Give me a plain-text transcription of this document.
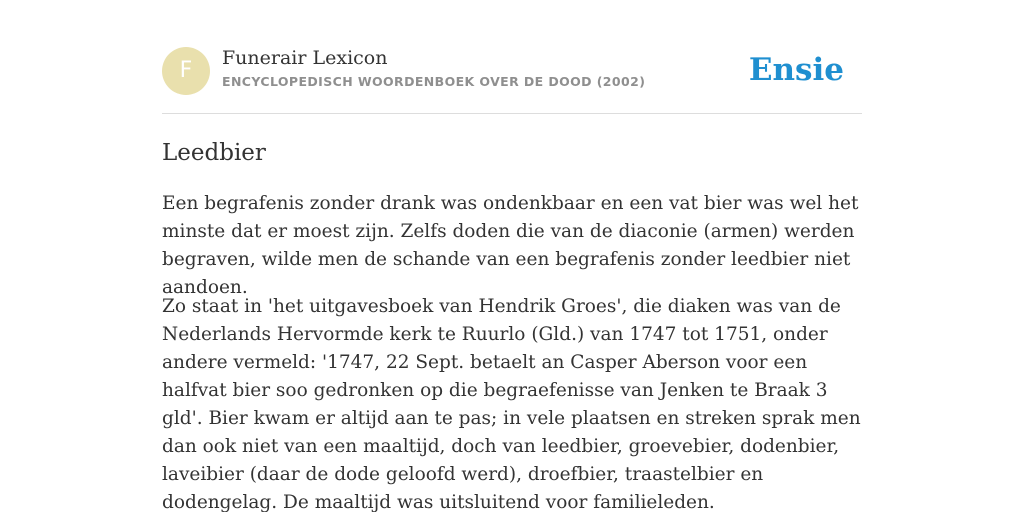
F	Funerair Lexicon
ENCYCLOPEDISCH WOORDENBOEK OVER DE DOOD (2002)	Ensie
Leedbier

Een begrafenis zonder drank was ondenkbaar en een vat bier was wel het minste dat er moest zijn. Zelfs doden die van de diaconie (armen) werden begraven, wilde men de schande van een begrafenis zonder leedbier niet aandoen.

Zo staat in 'het uitgavesboek van Hendrik Groes', die diaken was van de Nederlands Hervormde kerk te Ruurlo (Gld.) van 1747 tot 1751, onder andere vermeld: '1747, 22 Sept. betaelt an Casper Aberson voor een halfvat bier soo gedronken op die begraefenisse van Jenken te Braak 3 gld'. Bier kwam er altijd aan te pas; in vele plaatsen en streken sprak men dan ook niet van een maaltijd, doch van leedbier, groevebier, dodenbier, laveibier (daar de dode geloofd werd), droefbier, traastelbier en dodengelag. De maaltijd was uitsluitend voor familieleden.
